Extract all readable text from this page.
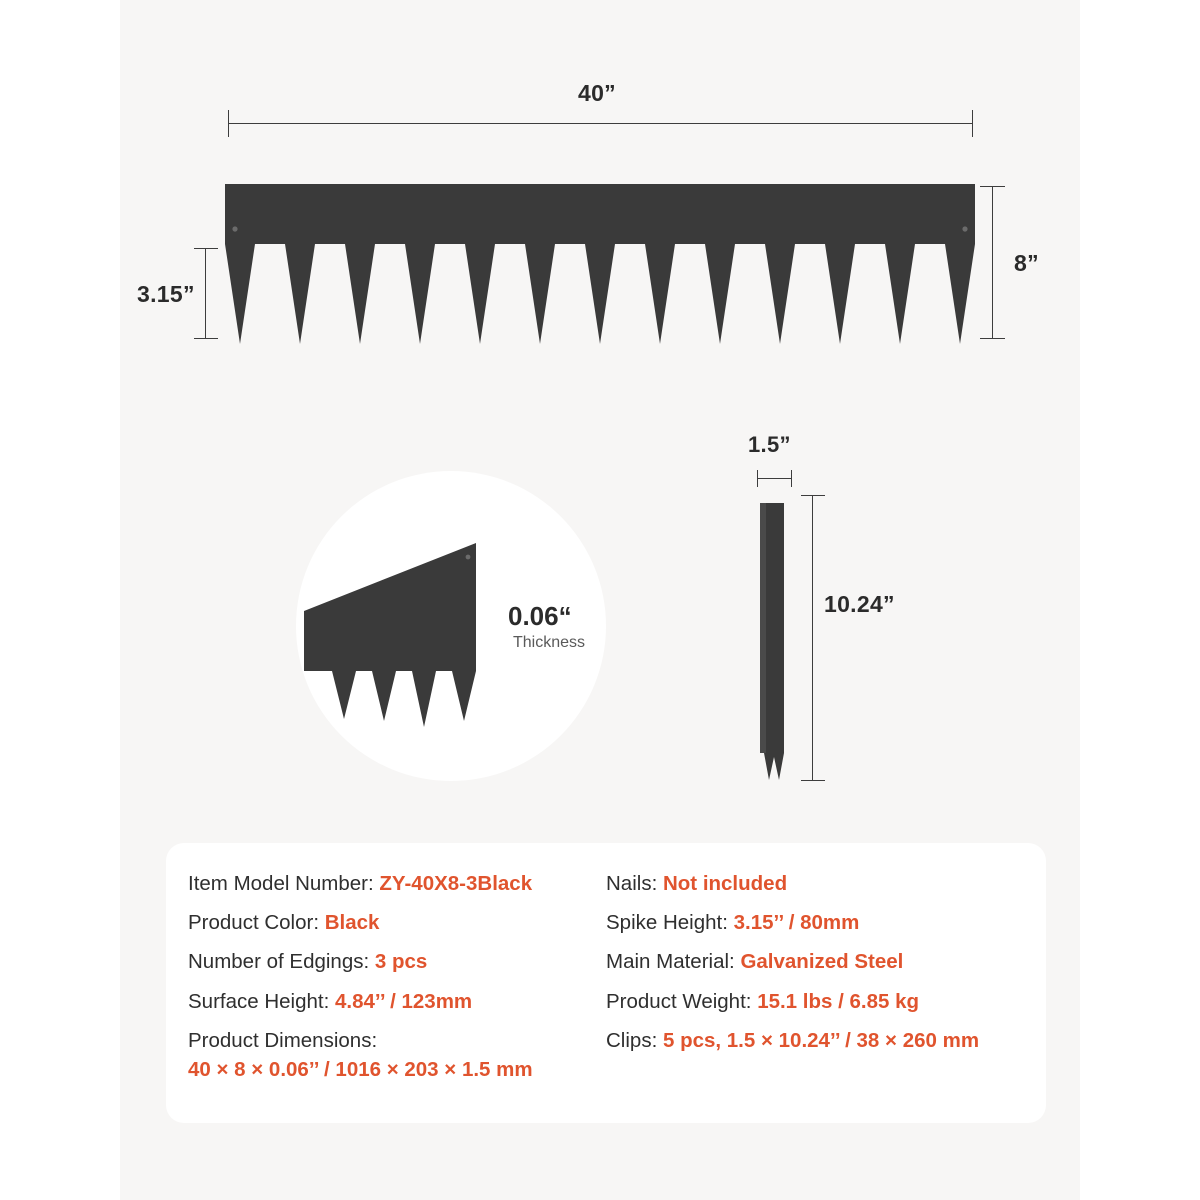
40”
8”
3.15”
0.06“
Thickness
1.5”
10.24”
Item Model Number: ZY-40X8-3Black
Product Color: Black
Number of Edgings: 3 pcs
Surface Height: 4.84’’ / 123mm
Product Dimensions:
40 × 8 × 0.06’’ / 1016 × 203 × 1.5 mm
Nails: Not included
Spike Height: 3.15’’ / 80mm
Main Material: Galvanized Steel
Product Weight: 15.1 lbs / 6.85 kg
Clips: 5 pcs, 1.5 × 10.24’’ / 38 × 260 mm
